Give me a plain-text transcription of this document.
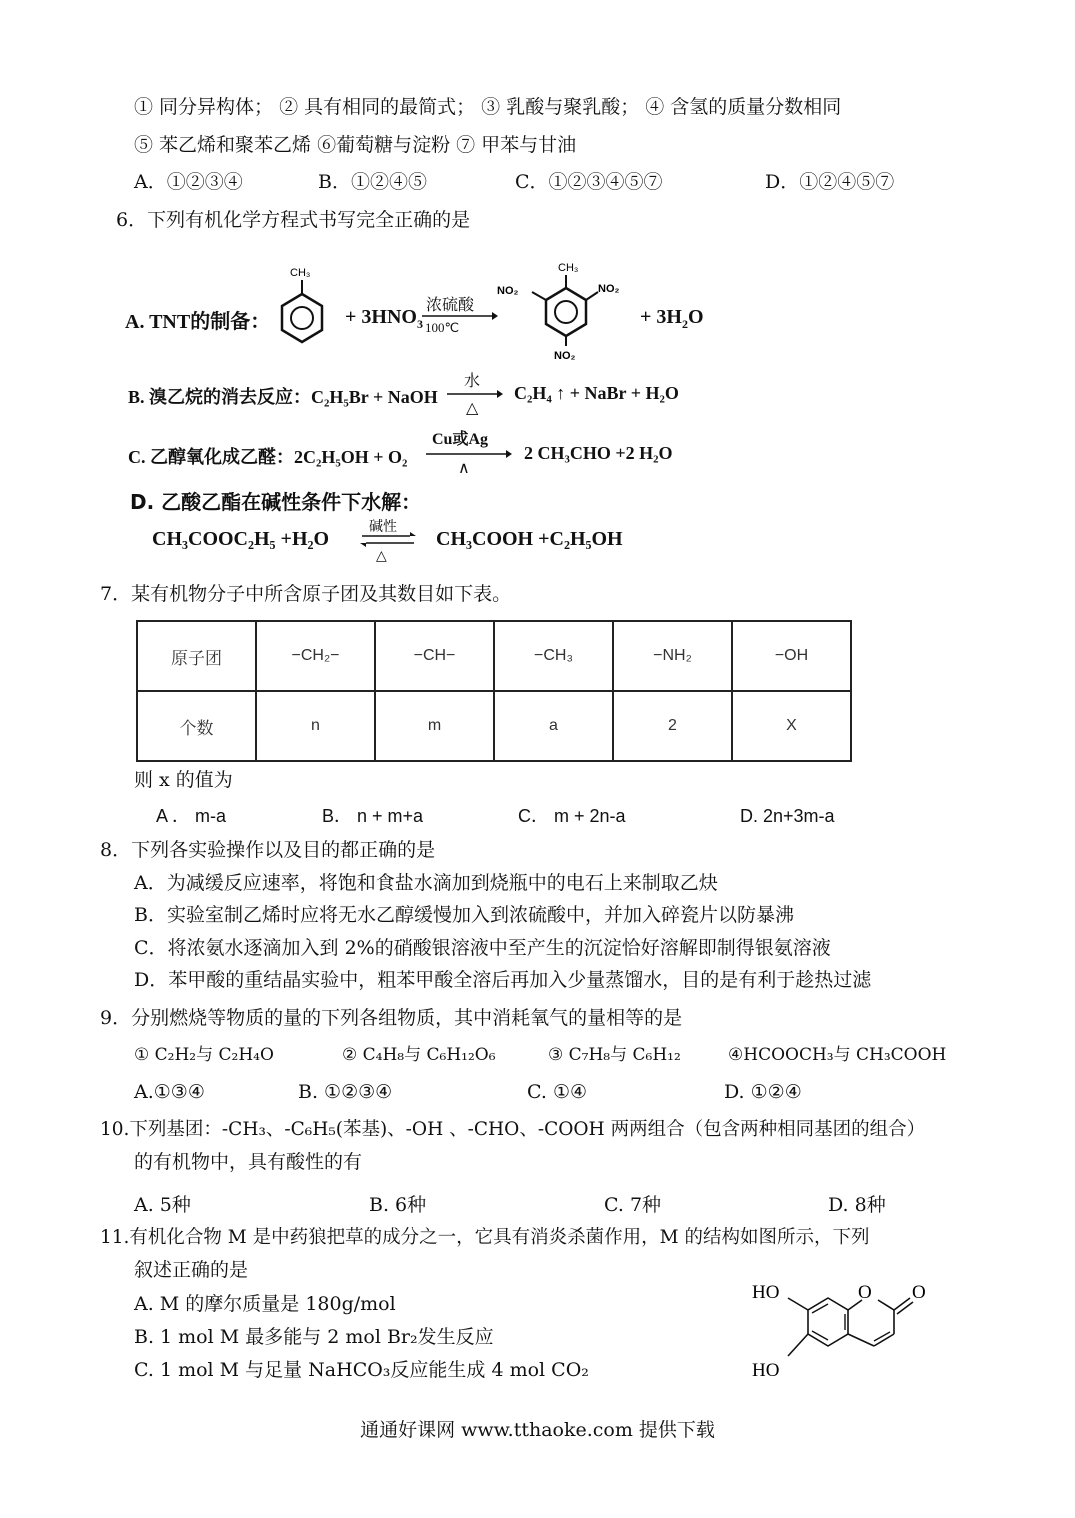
① 同分异构体； ② 具有相同的最简式； ③ 乳酸与聚乳酸； ④ 含氢的质量分数相同
⑤ 苯乙烯和聚苯乙烯 ⑥葡萄糖与淀粉 ⑦ 甲苯与甘油
A．①②③④	B．①②④⑤	C．①②③④⑤⑦	D．①②④⑤⑦
6．下列有机化学方程式书写完全正确的是
A. TNT的制备：
CH₃
+ $3HNO_3$
浓硫酸
100℃
CH₃
NO₂	NO₂
NO₂
+ $3H_2O$
B. 溴乙烷的消去反应：C₂H₅Br + NaOH
水
△
C₂H₄ ↑ + NaBr + H₂O
C. 乙醇氧化成乙醛：2C₂H₅OH + O₂
Cu或Ag
∧
2 CH₃CHO +2 H₂O
D. 乙酸乙酯在碱性条件下水解：
CH₃COOC₂H₅ +H₂O
碱性
△
CH₃COOH +C₂H₅OH
7．某有机物分子中所含原子团及其数目如下表。
原子团	−CH₂−	−CH−	−CH₃	−NH₂	−OH
个数	n	m	a	2	X
则 x 的值为
A ． m-a	B． n + m+a	C． m + 2n-a	D. 2n+3m-a
8．下列各实验操作以及目的都正确的是
A．为减缓反应速率，将饱和食盐水滴加到烧瓶中的电石上来制取乙炔
B．实验室制乙烯时应将无水乙醇缓慢加入到浓硫酸中，并加入碎瓷片以防暴沸
C．将浓氨水逐滴加入到 2%的硝酸银溶液中至产生的沉淀恰好溶解即制得银氨溶液
D．苯甲酸的重结晶实验中，粗苯甲酸全溶后再加入少量蒸馏水，目的是有利于趁热过滤
9．分别燃烧等物质的量的下列各组物质，其中消耗氧气的量相等的是
① C₂H₂与 C₂H₄O	② C₄H₈与 C₆H₁₂O₆	③ C₇H₈与 C₆H₁₂	④HCOOCH₃与 CH₃COOH
A.①③④	B. ①②③④	C. ①④	D. ①②④
10.下列基团：-CH₃、-C₆H₅(苯基)、-OH 、-CHO、-COOH 两两组合（包含两种相同基团的组合）
的有机物中，具有酸性的有
A. 5种	B. 6种	C. 7种	D. 8种
11.有机化合物 M 是中药狼把草的成分之一，它具有消炎杀菌作用，M 的结构如图所示，下列
叙述正确的是
A. M 的摩尔质量是 180g/mol
B. 1 mol M 最多能与 2 mol Br₂发生反应
C. 1 mol M 与足量 NaHCO₃反应能生成 4 mol CO₂
HO
HO
O O
通通好课网 www.tthaoke.com 提供下载
